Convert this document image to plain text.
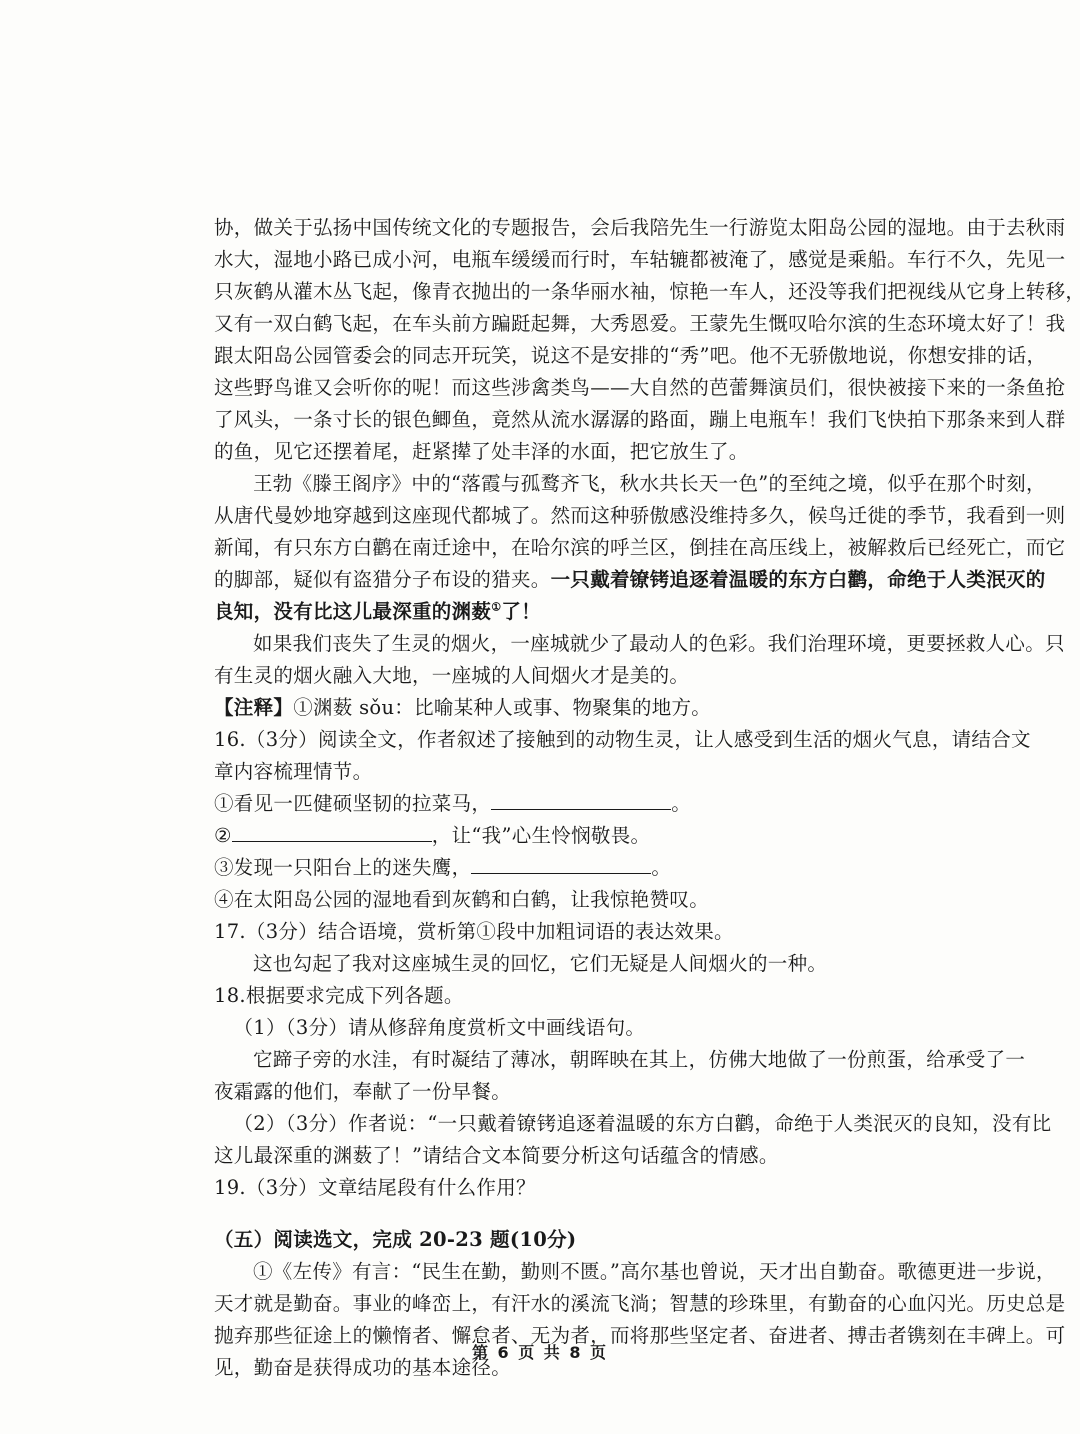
协，做关于弘扬中国传统文化的专题报告，会后我陪先生一行游览太阳岛公园的湿地。由于去秋雨
水大，湿地小路已成小河，电瓶车缓缓而行时，车轱辘都被淹了，感觉是乘船。车行不久，先见一
只灰鹤从灌木丛飞起，像青衣抛出的一条华丽水袖，惊艳一车人，还没等我们把视线从它身上转移，
又有一双白鹤飞起，在车头前方蹁跹起舞，大秀恩爱。王蒙先生慨叹哈尔滨的生态环境太好了！我
跟太阳岛公园管委会的同志开玩笑，说这不是安排的“秀”吧。他不无骄傲地说，你想安排的话，
这些野鸟谁又会听你的呢！而这些涉禽类鸟——大自然的芭蕾舞演员们，很快被接下来的一条鱼抢
了风头，一条寸长的银色鲫鱼，竟然从流水潺潺的路面，蹦上电瓶车！我们飞快拍下那条来到人群
的鱼，见它还摆着尾，赶紧撵了处丰泽的水面，把它放生了。
王勃《滕王阁序》中的“落霞与孤鹜齐飞，秋水共长天一色”的至纯之境，似乎在那个时刻，
从唐代曼妙地穿越到这座现代都城了。然而这种骄傲感没维持多久，候鸟迁徙的季节，我看到一则
新闻，有只东方白鹳在南迁途中，在哈尔滨的呼兰区，倒挂在高压线上，被解救后已经死亡，而它
的脚部，疑似有盗猎分子布设的猎夹。一只戴着镣铐追逐着温暖的东方白鹳，命绝于人类泯灭的
良知，没有比这儿最深重的渊薮①了！
如果我们丧失了生灵的烟火，一座城就少了最动人的色彩。我们治理环境，更要拯救人心。只
有生灵的烟火融入大地，一座城的人间烟火才是美的。
【注释】①渊薮 sǒu：比喻某种人或事、物聚集的地方。
16.（3分）阅读全文，作者叙述了接触到的动物生灵，让人感受到生活的烟火气息，请结合文
章内容梳理情节。
①看见一匹健硕坚韧的拉菜马，	。
②	，让“我”心生怜悯敬畏。
③发现一只阳台上的迷失鹰，	。
④在太阳岛公园的湿地看到灰鹤和白鹤，让我惊艳赞叹。
17.（3分）结合语境，赏析第①段中加粗词语的表达效果。
这也勾起了我对这座城生灵的回忆，它们无疑是人间烟火的一种。
18.根据要求完成下列各题。
（1）（3分）请从修辞角度赏析文中画线语句。
它蹄子旁的水洼，有时凝结了薄冰，朝晖映在其上，仿佛大地做了一份煎蛋，给承受了一
夜霜露的他们，奉献了一份早餐。
（2）（3分）作者说：“一只戴着镣铐追逐着温暖的东方白鹳，命绝于人类泯灭的良知，没有比
这儿最深重的渊薮了！”请结合文本简要分析这句话蕴含的情感。
19.（3分）文章结尾段有什么作用？
（五）阅读选文，完成 20-23 题(10分)
①《左传》有言：“民生在勤，勤则不匮。”高尔基也曾说，天才出自勤奋。歌德更进一步说，
天才就是勤奋。事业的峰峦上，有汗水的溪流飞淌；智慧的珍珠里，有勤奋的心血闪光。历史总是
抛弃那些征途上的懒惰者、懈怠者、无为者，而将那些坚定者、奋进者、搏击者镌刻在丰碑上。可
见，勤奋是获得成功的基本途径。
第 6 页 共 8 页
